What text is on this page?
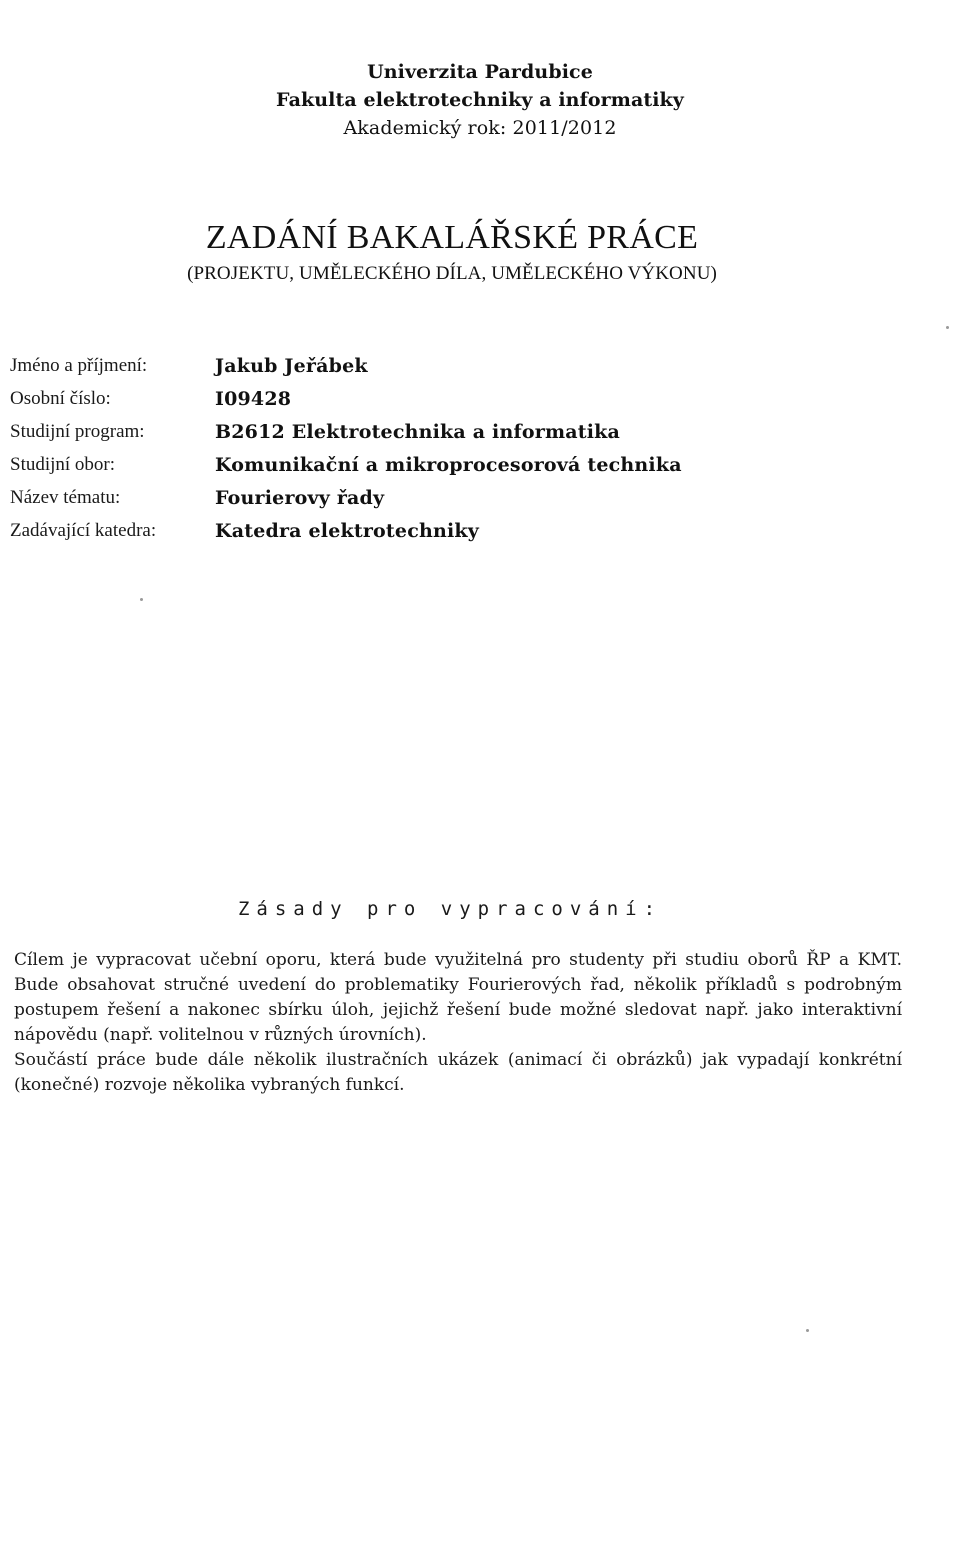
Univerzita Pardubice
Fakulta elektrotechniky a informatiky
Akademický rok: 2011/2012
ZADÁNÍ BAKALÁŘSKÉ PRÁCE
(PROJEKTU, UMĚLECKÉHO DÍLA, UMĚLECKÉHO VÝKONU)
Jméno a příjmení:	Jakub Jeřábek
Osobní číslo:	I09428
Studijní program:	B2612 Elektrotechnika a informatika
Studijní obor:	Komunikační a mikroprocesorová technika
Název tématu:	Fourierovy řady
Zadávající katedra:	Katedra elektrotechniky
Zásady pro vypracování:

Cílem je vypracovat učební oporu, která bude využitelná pro studenty při studiu oborů ŘP a KMT. Bude obsahovat stručné uvedení do problematiky Fourierových řad, několik příkladů s podrobným postupem řešení a nakonec sbírku úloh, jejichž řešení bude možné sledovat např. jako interaktivní nápovědu (např. volitelnou v různých úrovních).

Součástí práce bude dále několik ilustračních ukázek (animací či obrázků) jak vypadají konkrétní (konečné) rozvoje několika vybraných funkcí.
